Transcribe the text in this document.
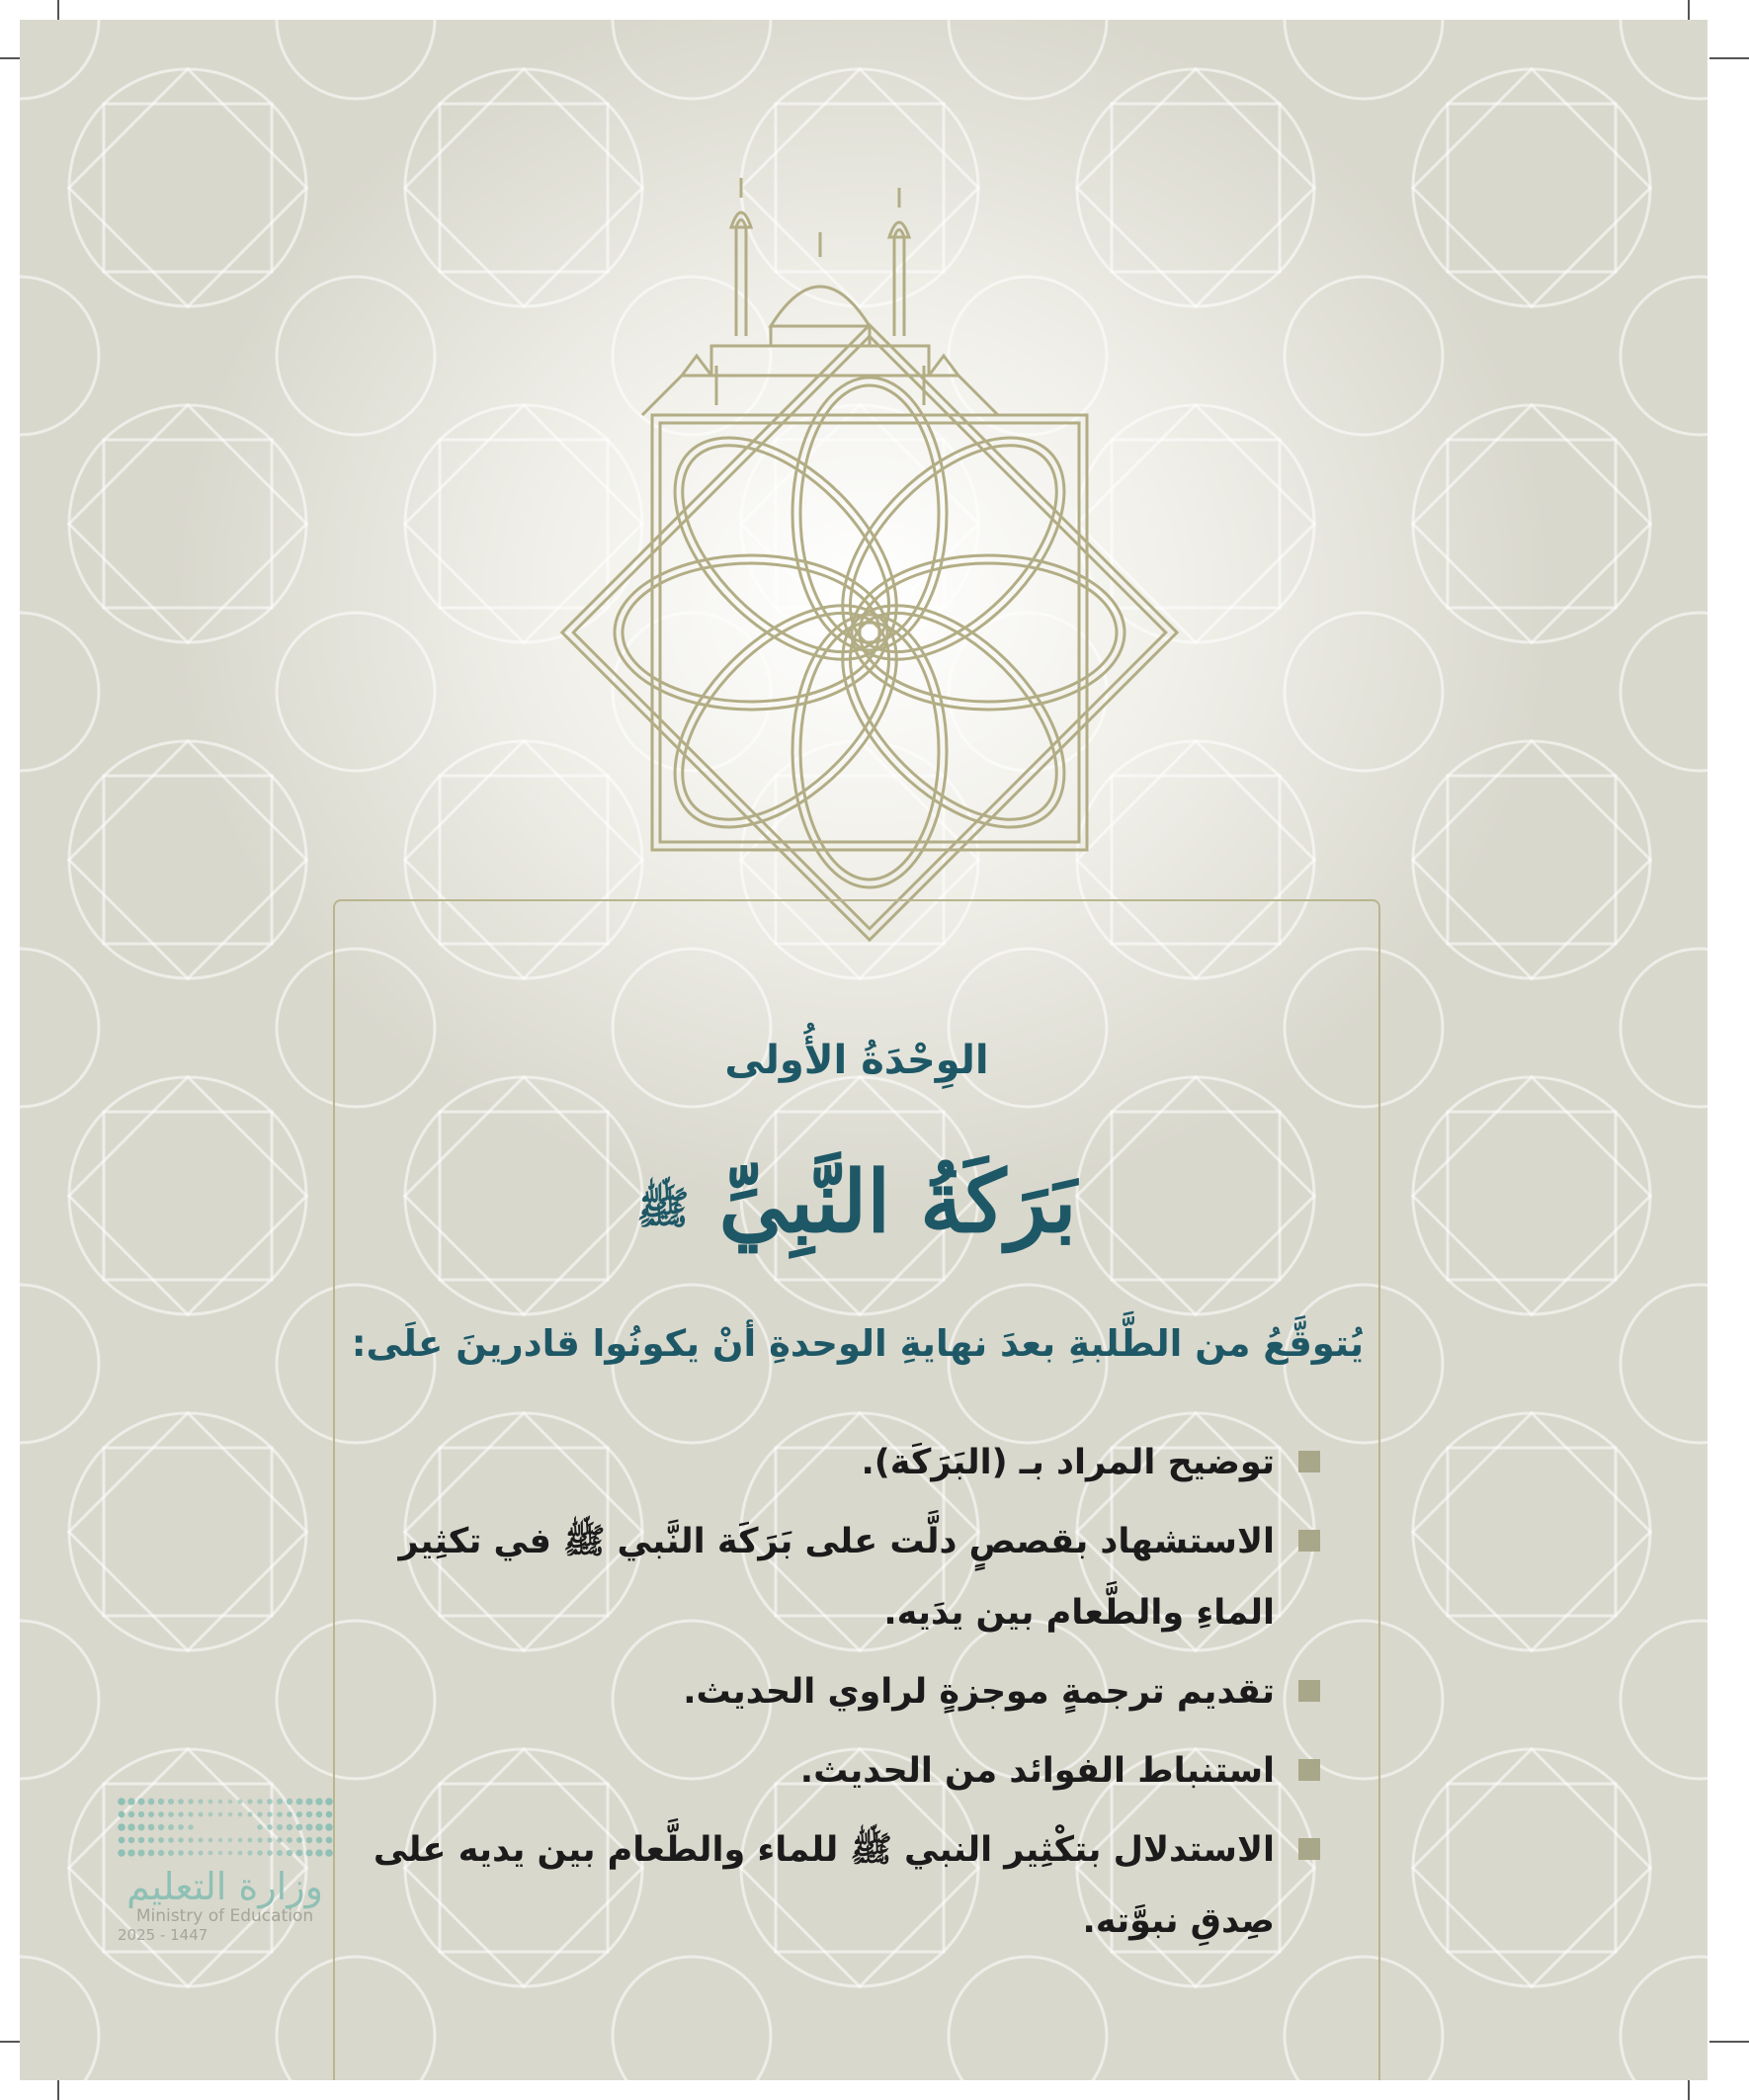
الوِحْدَةُ الأُولى
بَرَكَةُ النَّبِيِّ ﷺ
يُتوقَّعُ من الطَّلبةِ بعدَ نهايةِ الوحدةِ أنْ يكونُوا قادرينَ علَى:
توضيح المراد بـ (البَرَكَة).
الاستشهاد بقصصٍ دلَّت على بَرَكَة النَّبي ﷺ في تكثِير الماءِ والطَّعام بين يدَيه.
تقديم ترجمةٍ موجزةٍ لراوي الحديث.
استنباط الفوائد من الحديث.
الاستدلال بتكْثِير النبي ﷺ للماء والطَّعام بين يديه على صِدقِ نبوَّته.
وزارة التعليم
Ministry of Education
2025 - 1447
